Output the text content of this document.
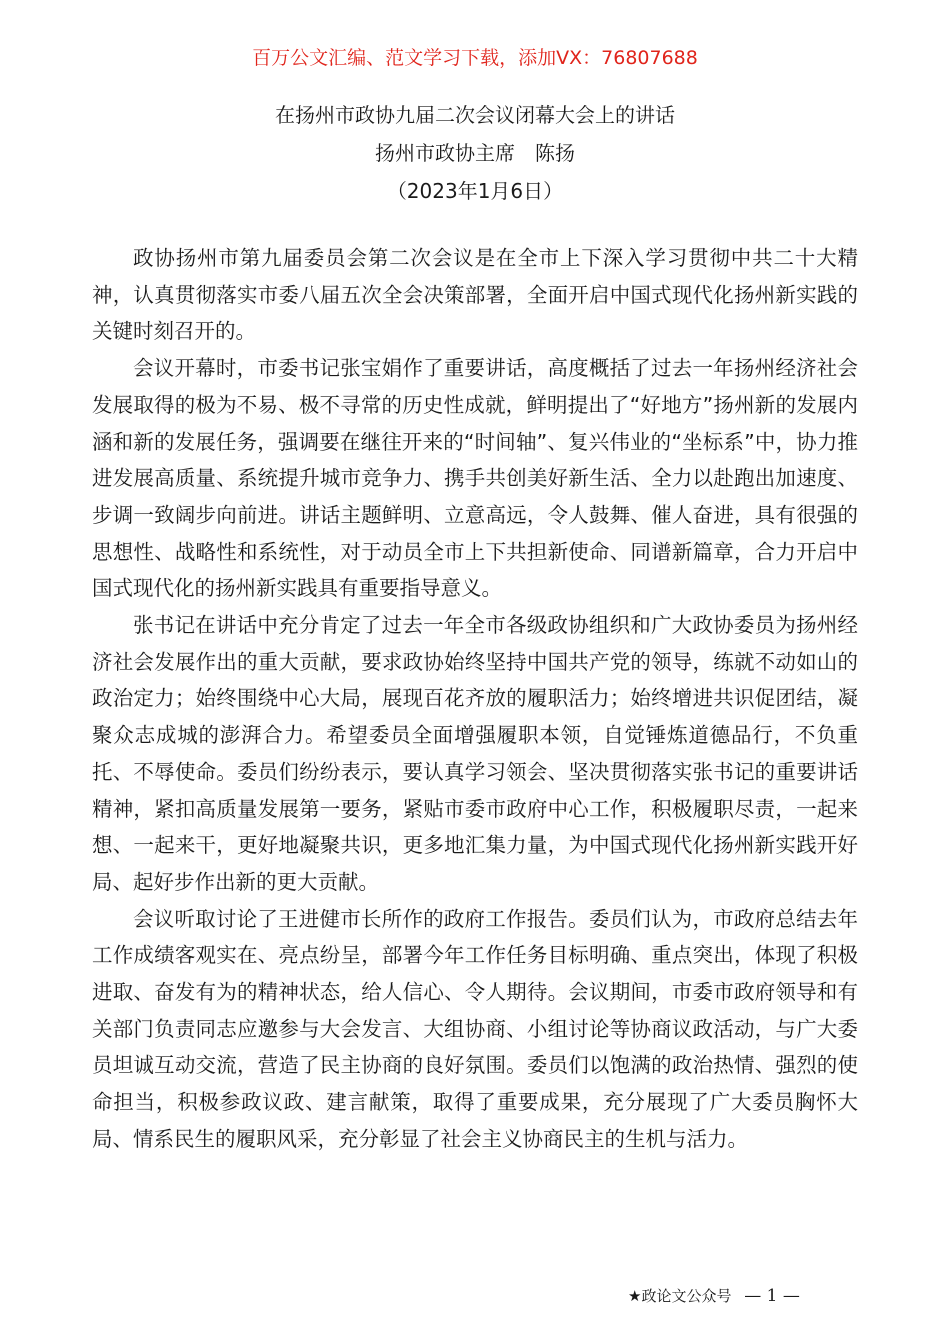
百万公文汇编、范文学习下载，添加VX：76807688
在扬州市政协九届二次会议闭幕大会上的讲话
扬州市政协主席　陈扬
（2023年1月6日）

政协扬州市第九届委员会第二次会议是在全市上下深入学习贯彻中共二十大精神，认真贯彻落实市委八届五次全会决策部署，全面开启中国式现代化扬州新实践的关键时刻召开的。

会议开幕时，市委书记张宝娟作了重要讲话，高度概括了过去一年扬州经济社会发展取得的极为不易、极不寻常的历史性成就，鲜明提出了“好地方”扬州新的发展内涵和新的发展任务，强调要在继往开来的“时间轴”、复兴伟业的“坐标系”中，协力推进发展高质量、系统提升城市竞争力、携手共创美好新生活、全力以赴跑出加速度、步调一致阔步向前进。讲话主题鲜明、立意高远，令人鼓舞、催人奋进，具有很强的思想性、战略性和系统性，对于动员全市上下共担新使命、同谱新篇章，合力开启中国式现代化的扬州新实践具有重要指导意义。

张书记在讲话中充分肯定了过去一年全市各级政协组织和广大政协委员为扬州经济社会发展作出的重大贡献，要求政协始终坚持中国共产党的领导，练就不动如山的政治定力；始终围绕中心大局，展现百花齐放的履职活力；始终增进共识促团结，凝聚众志成城的澎湃合力。希望委员全面增强履职本领，自觉锤炼道德品行，不负重托、不辱使命。委员们纷纷表示，要认真学习领会、坚决贯彻落实张书记的重要讲话精神，紧扣高质量发展第一要务，紧贴市委市政府中心工作，积极履职尽责，一起来想、一起来干，更好地凝聚共识，更多地汇集力量，为中国式现代化扬州新实践开好局、起好步作出新的更大贡献。

会议听取讨论了王进健市长所作的政府工作报告。委员们认为，市政府总结去年工作成绩客观实在、亮点纷呈，部署今年工作任务目标明确、重点突出，体现了积极进取、奋发有为的精神状态，给人信心、令人期待。会议期间，市委市政府领导和有关部门负责同志应邀参与大会发言、大组协商、小组讨论等协商议政活动，与广大委员坦诚互动交流，营造了民主协商的良好氛围。委员们以饱满的政治热情、强烈的使命担当，积极参政议政、建言献策，取得了重要成果，充分展现了广大委员胸怀大局、情系民生的履职风采，充分彰显了社会主义协商民主的生机与活力。

★政论文公众号 — 1 —
